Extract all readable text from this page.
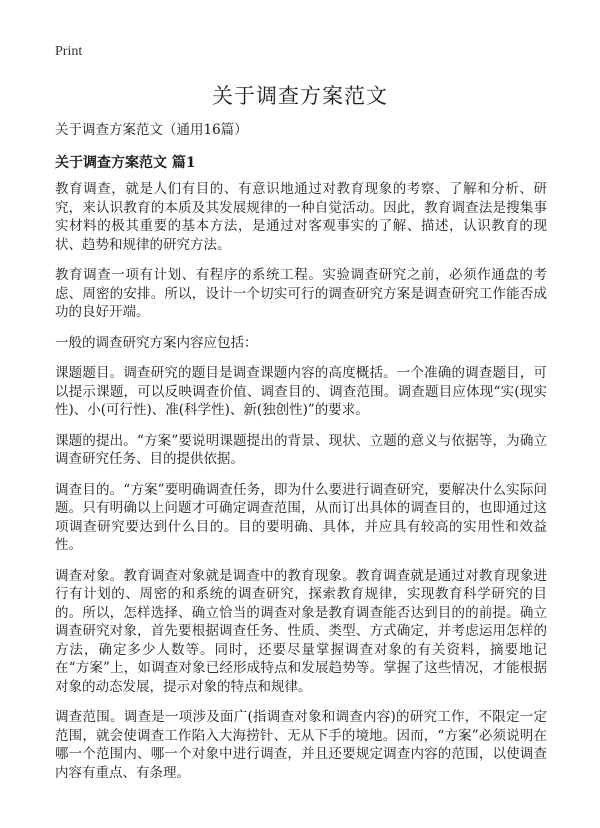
Print
关于调查方案范文
关于调查方案范文（通用16篇）
关于调查方案范文 篇1

教育调查，就是人们有目的、有意识地通过对教育现象的考察、了解和分析、研究，来认识教育的本质及其发展规律的一种自觉活动。因此，教育调查法是搜集事实材料的极其重要的基本方法，是通过对客观事实的了解、描述，认识教育的现状、趋势和规律的研究方法。

教育调查一项有计划、有程序的系统工程。实验调查研究之前，必须作通盘的考虑、周密的安排。所以，设计一个切实可行的调查研究方案是调查研究工作能否成功的良好开端。

一般的调查研究方案内容应包括：

课题题目。调查研究的题目是调查课题内容的高度概括。一个准确的调查题目，可以提示课题，可以反映调查价值、调查目的、调查范围。调查题目应体现“实(现实性)、小(可行性)、准(科学性)、新(独创性)”的要求。

课题的提出。“方案”要说明课题提出的背景、现状、立题的意义与依据等，为确立调查研究任务、目的提供依据。

调查目的。“方案”要明确调查任务，即为什么要进行调查研究，要解决什么实际问题。只有明确以上问题才可确定调查范围，从而订出具体的调查目的，也即通过这项调查研究要达到什么目的。目的要明确、具体，并应具有较高的实用性和效益性。

调查对象。教育调查对象就是调查中的教育现象。教育调查就是通过对教育现象进行有计划的、周密的和系统的调查研究，探索教育规律，实现教育科学研究的目的。所以，怎样选择、确立恰当的调查对象是教育调查能否达到目的的前提。确立调查研究对象，首先要根据调查任务、性质、类型、方式确定，并考虑运用怎样的方法，确定多少人数等。同时，还要尽量掌握调查对象的有关资料，摘要地记在“方案”上，如调查对象已经形成特点和发展趋势等。掌握了这些情况，才能根据对象的动态发展，提示对象的特点和规律。

调查范围。调查是一项涉及面广(指调查对象和调查内容)的研究工作，不限定一定范围，就会使调查工作陷入大海捞针、无从下手的境地。因而，“方案”必须说明在哪一个范围内、哪一个对象中进行调查，并且还要规定调查内容的范围，以使调查内容有重点、有条理。
